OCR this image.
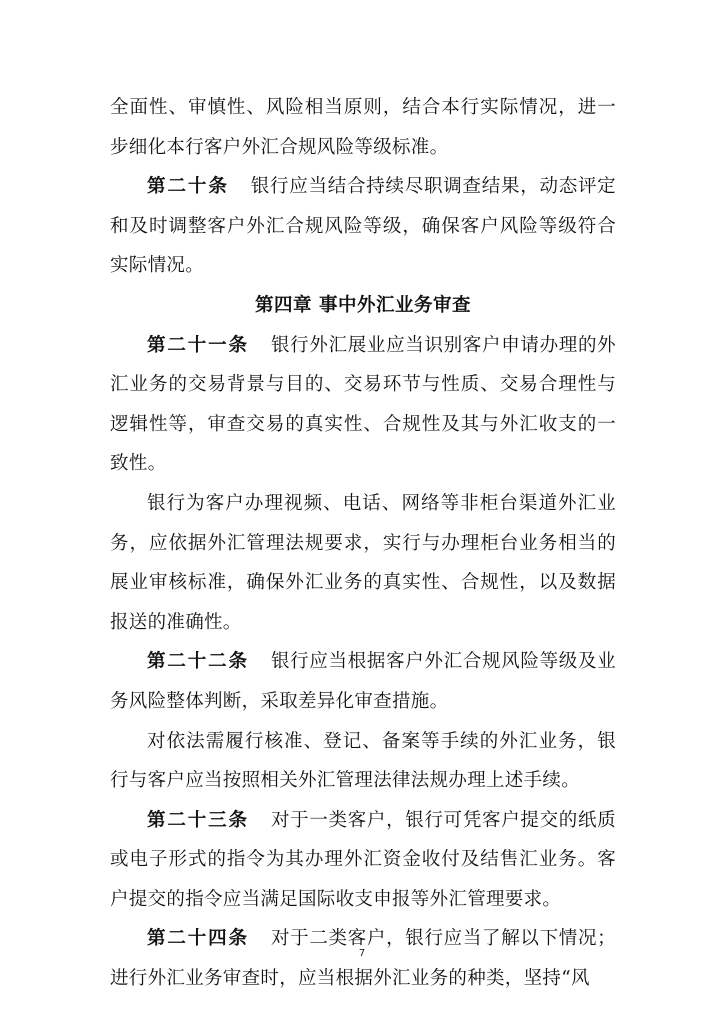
全面性、审慎性、风险相当原则，结合本行实际情况，进一步细化本行客户外汇合规风险等级标准。

第二十条 银行应当结合持续尽职调查结果，动态评定和及时调整客户外汇合规风险等级，确保客户风险等级符合实际情况。

第四章 事中外汇业务审查

第二十一条 银行外汇展业应当识别客户申请办理的外汇业务的交易背景与目的、交易环节与性质、交易合理性与逻辑性等，审查交易的真实性、合规性及其与外汇收支的一致性。

银行为客户办理视频、电话、网络等非柜台渠道外汇业务，应依据外汇管理法规要求，实行与办理柜台业务相当的展业审核标准，确保外汇业务的真实性、合规性，以及数据报送的准确性。

第二十二条 银行应当根据客户外汇合规风险等级及业务风险整体判断，采取差异化审查措施。

对依法需履行核准、登记、备案等手续的外汇业务，银行与客户应当按照相关外汇管理法律法规办理上述手续。

第二十三条 对于一类客户，银行可凭客户提交的纸质或电子形式的指令为其办理外汇资金收付及结售汇业务。客户提交的指令应当满足国际收支申报等外汇管理要求。

第二十四条 对于二类客户，银行应当了解以下情况；进行外汇业务审查时，应当根据外汇业务的种类，坚持“风

7
